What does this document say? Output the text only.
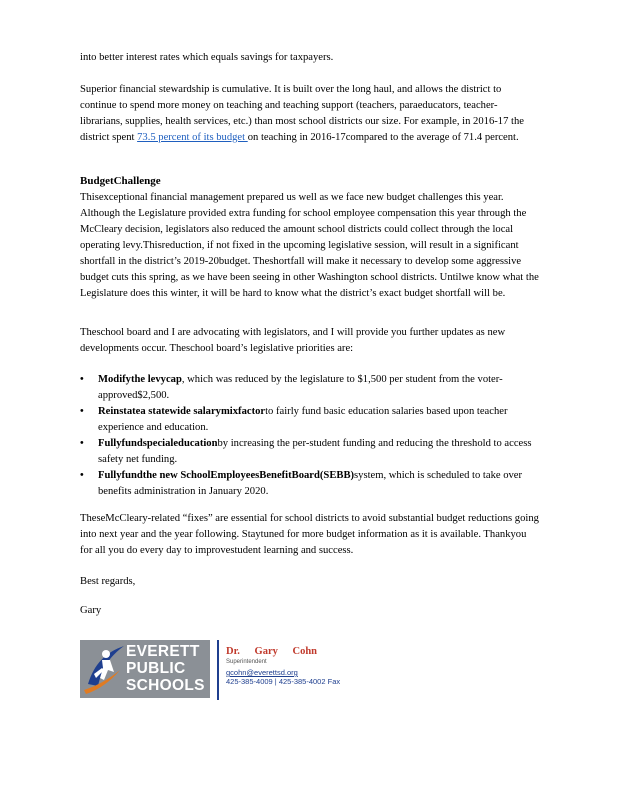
into better interest rates which equals savings for taxpayers.

Superior financial stewardship is cumulative. It is built over the long haul, and allows the district to continue to spend more money on teaching and teaching support (teachers, paraeducators, teacher-librarians, supplies, health services, etc.) than most school districts our size. For example, in 2016-17 the district spent 73.5 percent of its budget on teaching in 2016-17compared to the average of 71.4 percent.

BudgetChallenge

Thisexceptional financial management prepared us well as we face new budget challenges this year. Although the Legislature provided extra funding for school employee compensation this year through the McCleary decision, legislators also reduced the amount school districts could collect through the local operating levy.Thisreduction, if not fixed in the upcoming legislative session, will result in a significant shortfall in the district’s 2019-20budget. Theshortfall will make it necessary to develop some aggressive budget cuts this spring, as we have been seeing in other Washington school districts. Untilwe know what the Legislature does this winter, it will be hard to know what the district’s exact budget shortfall will be.

Theschool board and I are advocating with legislators, and I will provide you further updates as new developments occur. Theschool board’s legislative priorities are:

• Modifythe levycap, which was reduced by the legislature to $1,500 per student from the voter-approved$2,500.
• Reinstatea statewide salarymixfactorto fairly fund basic education salaries based upon teacher experience and education.
• Fullyfundspecialeducationby increasing the per-student funding and reducing the threshold to access safety net funding.
• Fullyfundthe new SchoolEmployeesBenefitBoard(SEBB)system, which is scheduled to take over benefits administration in January 2020.

TheseMcCleary-related “fixes” are essential for school districts to avoid substantial budget reductions going into next year and the year following. Staytuned for more budget information as it is available. Thankyou for all you do every day to improvestudent learning and success.

Best regards,
Gary
EVERETT
PUBLIC
SCHOOLS
Dr. Gary Cohn
Superintendent
gcohn@everettsd.org
425-385-4009 | 425-385-4002 Fax
